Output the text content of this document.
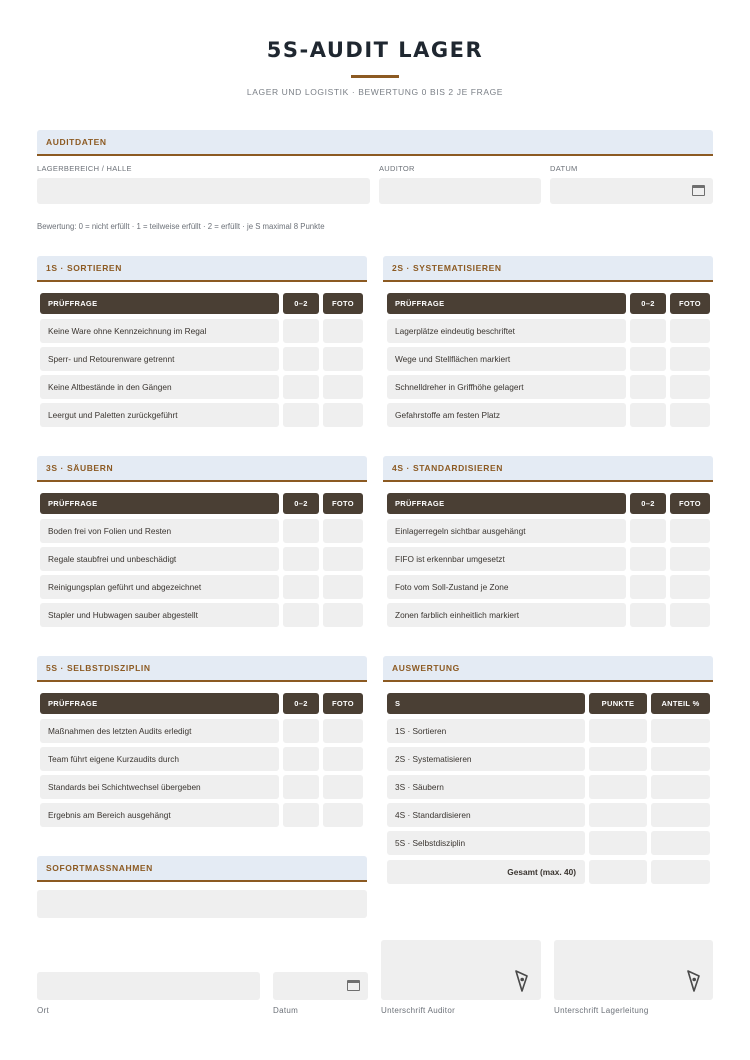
5S-AUDIT LAGER
LAGER UND LOGISTIK · BEWERTUNG 0 BIS 2 JE FRAGE
AUDITDATEN
LAGERBEREICH / HALLE	AUDITOR	DATUM
Bewertung: 0 = nicht erfüllt · 1 = teilweise erfüllt · 2 = erfüllt · je S maximal 8 Punkte
1S · SORTIEREN
PRÜFFRAGE	0–2	FOTO
Keine Ware ohne Kennzeichnung im Regal
Sperr- und Retourenware getrennt
Keine Altbestände in den Gängen
Leergut und Paletten zurückgeführt
2S · SYSTEMATISIEREN
PRÜFFRAGE	0–2	FOTO
Lagerplätze eindeutig beschriftet
Wege und Stellflächen markiert
Schnelldreher in Griffhöhe gelagert
Gefahrstoffe am festen Platz
3S · SÄUBERN
PRÜFFRAGE	0–2	FOTO
Boden frei von Folien und Resten
Regale staubfrei und unbeschädigt
Reinigungsplan geführt und abgezeichnet
Stapler und Hubwagen sauber abgestellt
4S · STANDARDISIEREN
PRÜFFRAGE	0–2	FOTO
Einlagerregeln sichtbar ausgehängt
FIFO ist erkennbar umgesetzt
Foto vom Soll-Zustand je Zone
Zonen farblich einheitlich markiert
5S · SELBSTDISZIPLIN
PRÜFFRAGE	0–2	FOTO
Maßnahmen des letzten Audits erledigt
Team führt eigene Kurzaudits durch
Standards bei Schichtwechsel übergeben
Ergebnis am Bereich ausgehängt
AUSWERTUNG
S	PUNKTE	ANTEIL %
1S · Sortieren
2S · Systematisieren
3S · Säubern
4S · Standardisieren
5S · Selbstdisziplin
Gesamt (max. 40)
SOFORTMASSNAHMEN
Ort	Datum	Unterschrift Auditor	Unterschrift Lagerleitung
